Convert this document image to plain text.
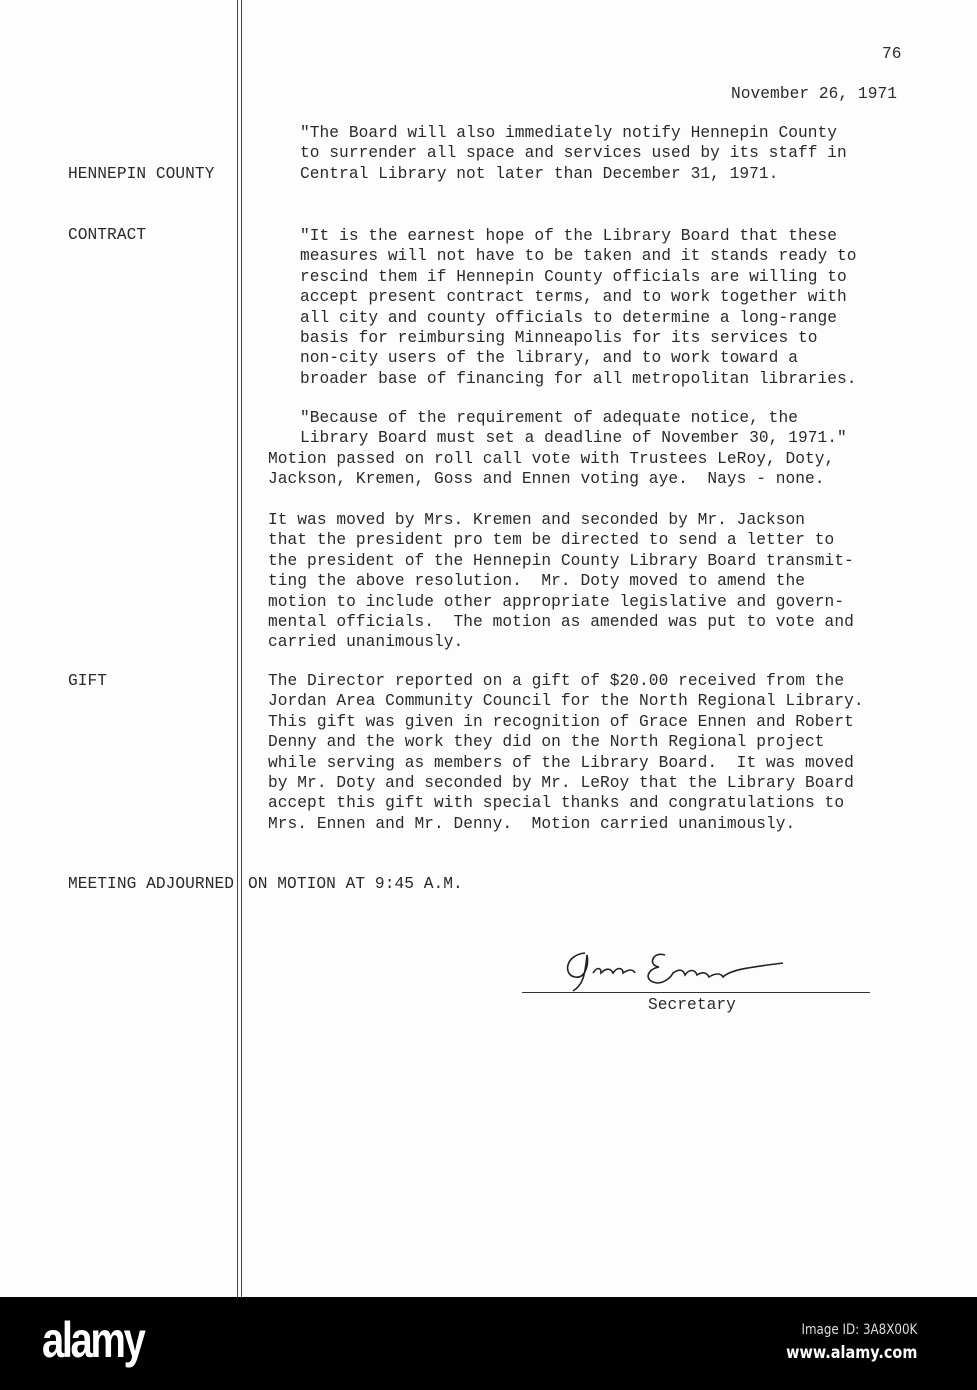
76
November 26, 1971

HENNEPIN COUNTY

CONTRACT

"The Board will also immediately notify Hennepin County
to surrender all space and services used by its staff in
Central Library not later than December 31, 1971.
"It is the earnest hope of the Library Board that these
measures will not have to be taken and it stands ready to
rescind them if Hennepin County officials are willing to
accept present contract terms, and to work together with
all city and county officials to determine a long-range
basis for reimbursing Minneapolis for its services to
non-city users of the library, and to work toward a
broader base of financing for all metropolitan libraries.
"Because of the requirement of adequate notice, the
Library Board must set a deadline of November 30, 1971."
Motion passed on roll call vote with Trustees LeRoy, Doty,
Jackson, Kremen, Goss and Ennen voting aye.  Nays - none.
It was moved by Mrs. Kremen and seconded by Mr. Jackson
that the president pro tem be directed to send a letter to
the president of the Hennepin County Library Board transmit-
ting the above resolution.  Mr. Doty moved to amend the
motion to include other appropriate legislative and govern-
mental officials.  The motion as amended was put to vote and
carried unanimously.
GIFT	The Director reported on a gift of $20.00 received from the
Jordan Area Community Council for the North Regional Library.
This gift was given in recognition of Grace Ennen and Robert
Denny and the work they did on the North Regional project
while serving as members of the Library Board.  It was moved
by Mr. Doty and seconded by Mr. LeRoy that the Library Board
accept this gift with special thanks and congratulations to
Mrs. Ennen and Mr. Denny.  Motion carried unanimously.
MEETING ADJOURNED ON MOTION AT 9:45 A.M.
Secretary
alamy	Image ID: 3A8X00K
www.alamy.com
